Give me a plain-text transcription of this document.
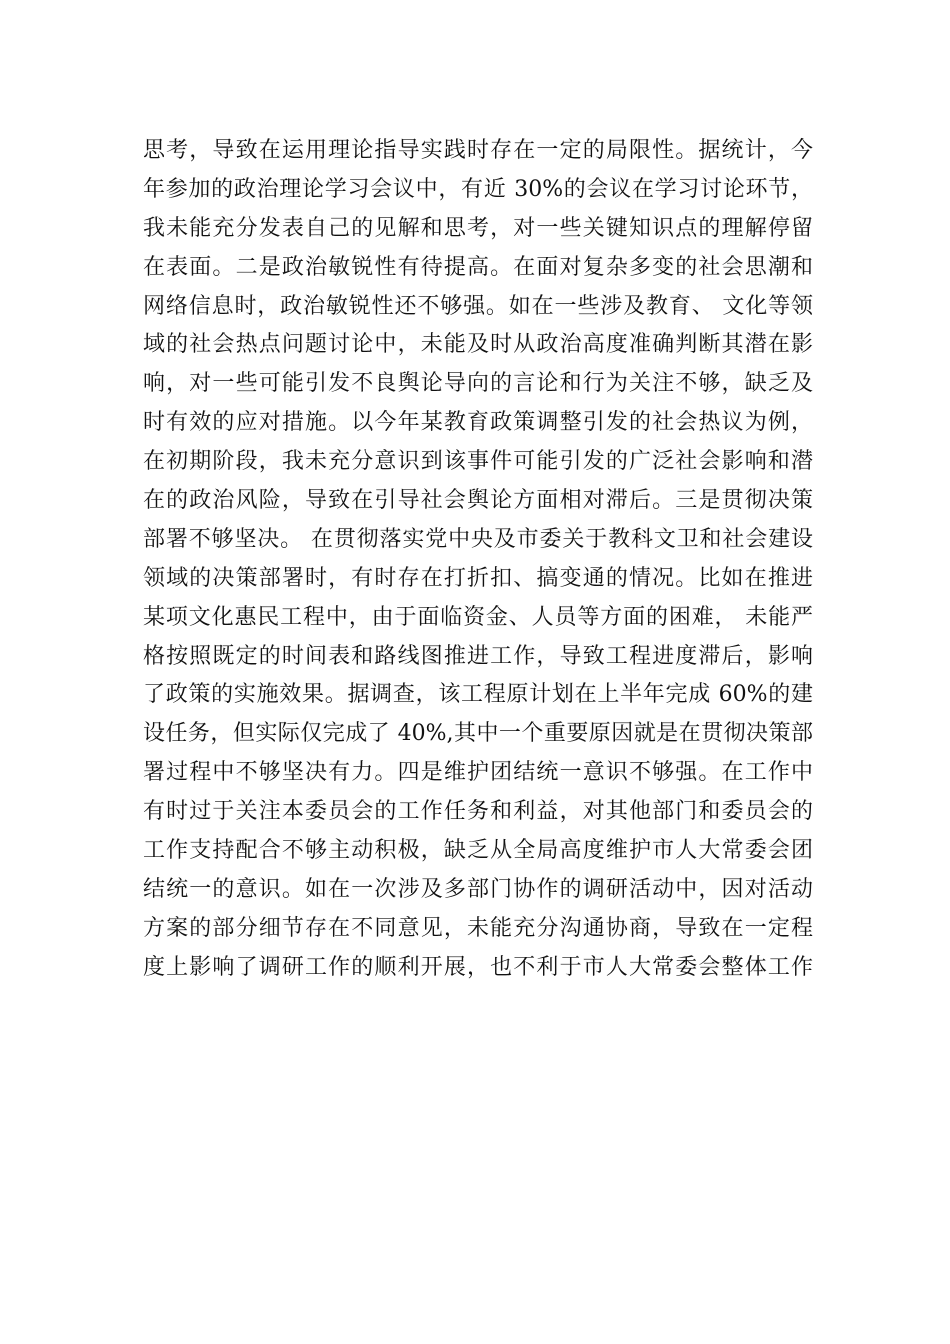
思考，导致在运用理论指导实践时存在一定的局限性。据统计，今
年参加的政治理论学习会议中，有近 30%的会议在学习讨论环节，
我未能充分发表自己的见解和思考，对一些关键知识点的理解停留
在表面。二是政治敏锐性有待提高。在面对复杂多变的社会思潮和
网络信息时，政治敏锐性还不够强。如在一些涉及教育、 文化等领
域的社会热点问题讨论中，未能及时从政治高度准确判断其潜在影
响，对一些可能引发不良舆论导向的言论和行为关注不够，缺乏及
时有效的应对措施。以今年某教育政策调整引发的社会热议为例，
在初期阶段，我未充分意识到该事件可能引发的广泛社会影响和潜
在的政治风险，导致在引导社会舆论方面相对滞后。三是贯彻决策
部署不够坚决。 在贯彻落实党中央及市委关于教科文卫和社会建设
领域的决策部署时，有时存在打折扣、搞变通的情况。比如在推进
某项文化惠民工程中，由于面临资金、人员等方面的困难， 未能严
格按照既定的时间表和路线图推进工作，导致工程进度滞后，影响
了政策的实施效果。据调查，该工程原计划在上半年完成 60%的建
设任务，但实际仅完成了 40%,其中一个重要原因就是在贯彻决策部
署过程中不够坚决有力。四是维护团结统一意识不够强。在工作中
有时过于关注本委员会的工作任务和利益，对其他部门和委员会的
工作支持配合不够主动积极，缺乏从全局高度维护市人大常委会团
结统一的意识。如在一次涉及多部门协作的调研活动中，因对活动
方案的部分细节存在不同意见，未能充分沟通协商，导致在一定程
度上影响了调研工作的顺利开展，也不利于市人大常委会整体工作
